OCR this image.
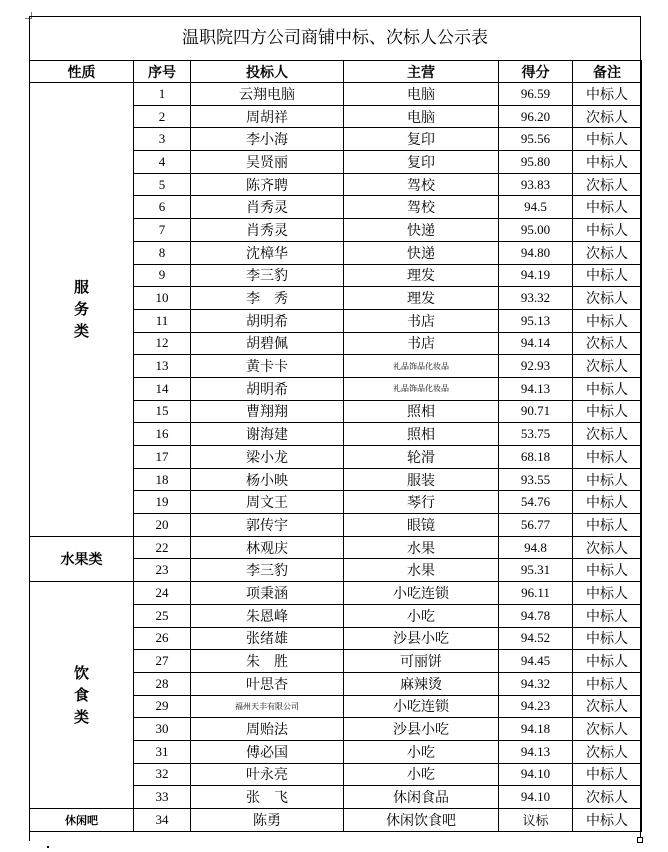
温职院四方公司商铺中标、次标人公示表
性质	序号	投标人	主营	得分	备注

服
务
类	1	云翔电脑	电脑	96.59	中标人
	2	周胡祥	电脑	96.20	次标人
	3	李小海	复印	95.56	中标人
	4	吴贤丽	复印	95.80	中标人
	5	陈齐聘	驾校	93.83	次标人
	6	肖秀灵	驾校	94.5	中标人
	7	肖秀灵	快递	95.00	中标人
	8	沈樟华	快递	94.80	次标人
	9	李三豹	理发	94.19	中标人
	10	李　秀	理发	93.32	次标人
	11	胡明希	书店	95.13	中标人
	12	胡碧佩	书店	94.14	次标人
	13	黄卡卡	礼品饰品化妆品	92.93	次标人
	14	胡明希	礼品饰品化妆品	94.13	中标人
	15	曹翔翔	照相	90.71	中标人
	16	谢海建	照相	53.75	次标人
	17	梁小龙	轮滑	68.18	中标人
	18	杨小映	服装	93.55	中标人
	19	周文王	琴行	54.76	中标人
	20	郭传宇	眼镜	56.77	中标人
水果类	22	林观庆	水果	94.8	次标人
	23	李三豹	水果	95.31	中标人

饮
食
类	24	项秉涵	小吃连锁	96.11	中标人
	25	朱恩峰	小吃	94.78	中标人
	26	张绪雄	沙县小吃	94.52	中标人
	27	朱　胜	可丽饼	94.45	中标人
	28	叶思杏	麻辣烫	94.32	中标人
	29	福州天丰有限公司	小吃连锁	94.23	次标人
	30	周贻法	沙县小吃	94.18	次标人
	31	傅必国	小吃	94.13	次标人
	32	叶永亮	小吃	94.10	中标人
	33	张　飞	休闲食品	94.10	次标人
休闲吧	34	陈勇	休闲饮食吧	议标	中标人
